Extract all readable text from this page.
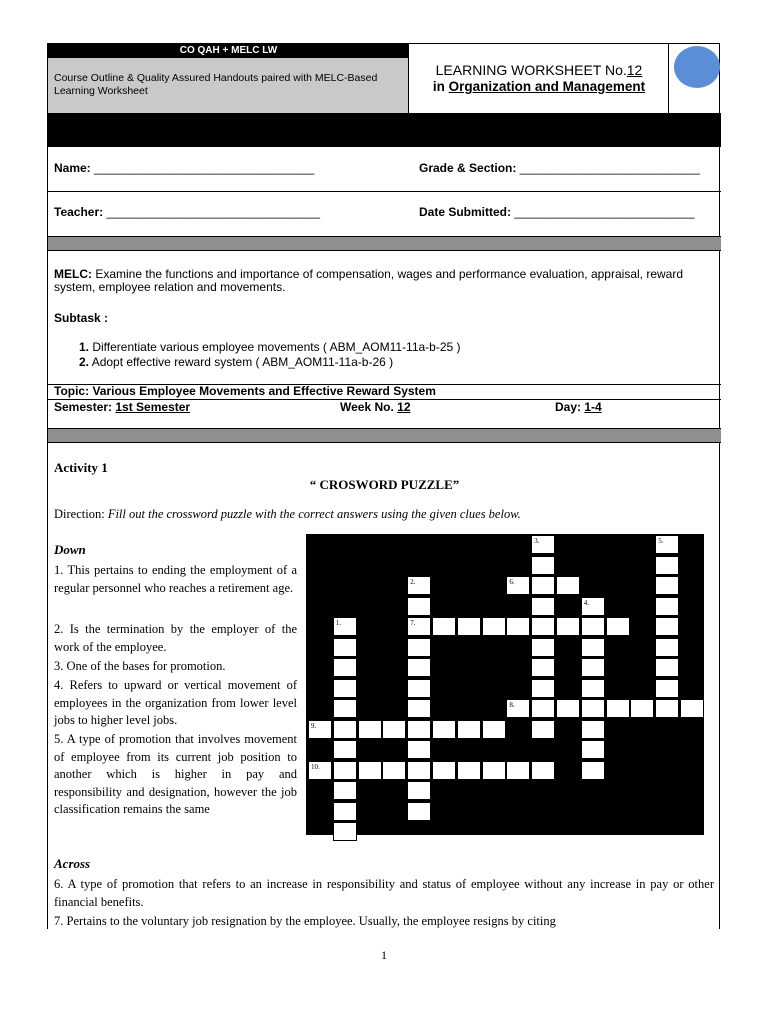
CO QAH + MELC LW
Course Outline & Quality Assured Handouts paired with MELC-Based Learning Worksheet
LEARNING WORKSHEET No.12
in Organization and Management
Name: _________________________________	Grade & Section: ___________________________
Teacher: ________________________________	Date Submitted: ___________________________
MELC: Examine the functions and importance of compensation, wages and performance evaluation, appraisal, reward system, employee relation and movements.
Subtask :
1. Differentiate various employee movements ( ABM_AOM11-11a-b-25 )
2. Adopt effective reward system ( ABM_AOM11-11a-b-26 )
Topic: Various Employee Movements and Effective Reward System
Semester: 1st Semester	Week No. 12	Day: 1-4
Activity 1
“ CROSWORD PUZZLE”
Direction: Fill out the crossword puzzle with the correct answers using the given clues below.
Down
1. This pertains to ending the employment of a regular personnel who reaches a retirement age.
2. Is the termination by the employer of the work of the employee.
3. One of the bases for promotion.
4. Refers to upward or vertical movement of employees in the organization from lower level jobs to higher level jobs.
5. A type of promotion that involves movement of employee from its current job position to another which is higher in pay and responsibility and designation, however the job classification remains the same
Across
6. A type of promotion that refers to an increase in responsibility and status of employee without any increase in pay or other financial benefits.
7. Pertains to the voluntary job resignation by the employee. Usually, the employee resigns by citing
5.
3.
6.
2.
7.
4.
1.
8.
9.
10.
1
